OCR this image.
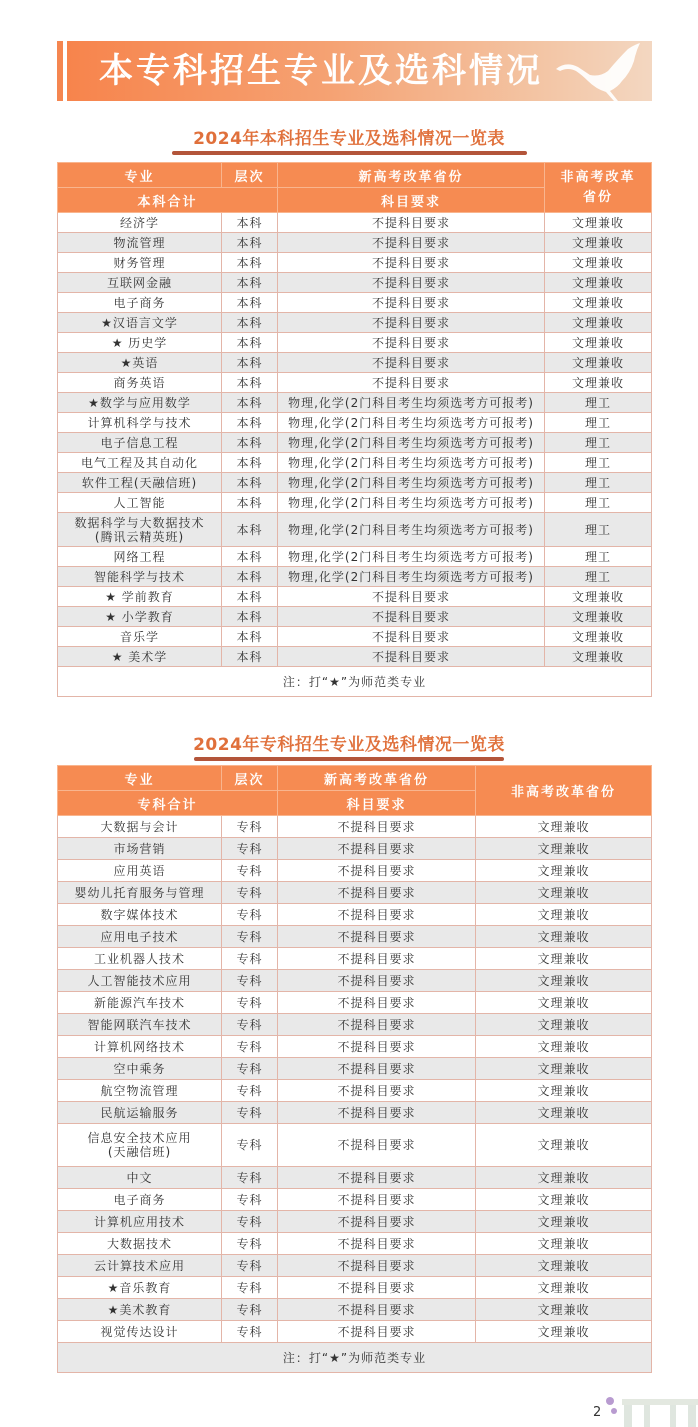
本专科招生专业及选科情况
2024年本科招生专业及选科情况一览表
专业	层次	新高考改革省份	非高考改革省份
本科合计		科目要求	
经济学	本科	不提科目要求	文理兼收
物流管理	本科	不提科目要求	文理兼收
财务管理	本科	不提科目要求	文理兼收
互联网金融	本科	不提科目要求	文理兼收
电子商务	本科	不提科目要求	文理兼收
★汉语言文学	本科	不提科目要求	文理兼收
★ 历史学	本科	不提科目要求	文理兼收
★英语	本科	不提科目要求	文理兼收
商务英语	本科	不提科目要求	文理兼收
★数学与应用数学	本科	物理,化学(2门科目考生均须选考方可报考)	理工
计算机科学与技术	本科	物理,化学(2门科目考生均须选考方可报考)	理工
电子信息工程	本科	物理,化学(2门科目考生均须选考方可报考)	理工
电气工程及其自动化	本科	物理,化学(2门科目考生均须选考方可报考)	理工
软件工程(天融信班)	本科	物理,化学(2门科目考生均须选考方可报考)	理工
人工智能	本科	物理,化学(2门科目考生均须选考方可报考)	理工
数据科学与大数据技术
(腾讯云精英班)	本科	物理,化学(2门科目考生均须选考方可报考)	理工
网络工程	本科	物理,化学(2门科目考生均须选考方可报考)	理工
智能科学与技术	本科	物理,化学(2门科目考生均须选考方可报考)	理工
★ 学前教育	本科	不提科目要求	文理兼收
★ 小学教育	本科	不提科目要求	文理兼收
音乐学	本科	不提科目要求	文理兼收
★ 美术学	本科	不提科目要求	文理兼收
注：打“★”为师范类专业			
2024年专科招生专业及选科情况一览表
专业	层次	新高考改革省份	非高考改革省份
专科合计		科目要求	
大数据与会计	专科	不提科目要求	文理兼收
市场营销	专科	不提科目要求	文理兼收
应用英语	专科	不提科目要求	文理兼收
婴幼儿托育服务与管理	专科	不提科目要求	文理兼收
数字媒体技术	专科	不提科目要求	文理兼收
应用电子技术	专科	不提科目要求	文理兼收
工业机器人技术	专科	不提科目要求	文理兼收
人工智能技术应用	专科	不提科目要求	文理兼收
新能源汽车技术	专科	不提科目要求	文理兼收
智能网联汽车技术	专科	不提科目要求	文理兼收
计算机网络技术	专科	不提科目要求	文理兼收
空中乘务	专科	不提科目要求	文理兼收
航空物流管理	专科	不提科目要求	文理兼收
民航运输服务	专科	不提科目要求	文理兼收
信息安全技术应用
(天融信班)	专科	不提科目要求	文理兼收
中文	专科	不提科目要求	文理兼收
电子商务	专科	不提科目要求	文理兼收
计算机应用技术	专科	不提科目要求	文理兼收
大数据技术	专科	不提科目要求	文理兼收
云计算技术应用	专科	不提科目要求	文理兼收
★音乐教育	专科	不提科目要求	文理兼收
★美术教育	专科	不提科目要求	文理兼收
视觉传达设计	专科	不提科目要求	文理兼收
注：打“★”为师范类专业			
2
